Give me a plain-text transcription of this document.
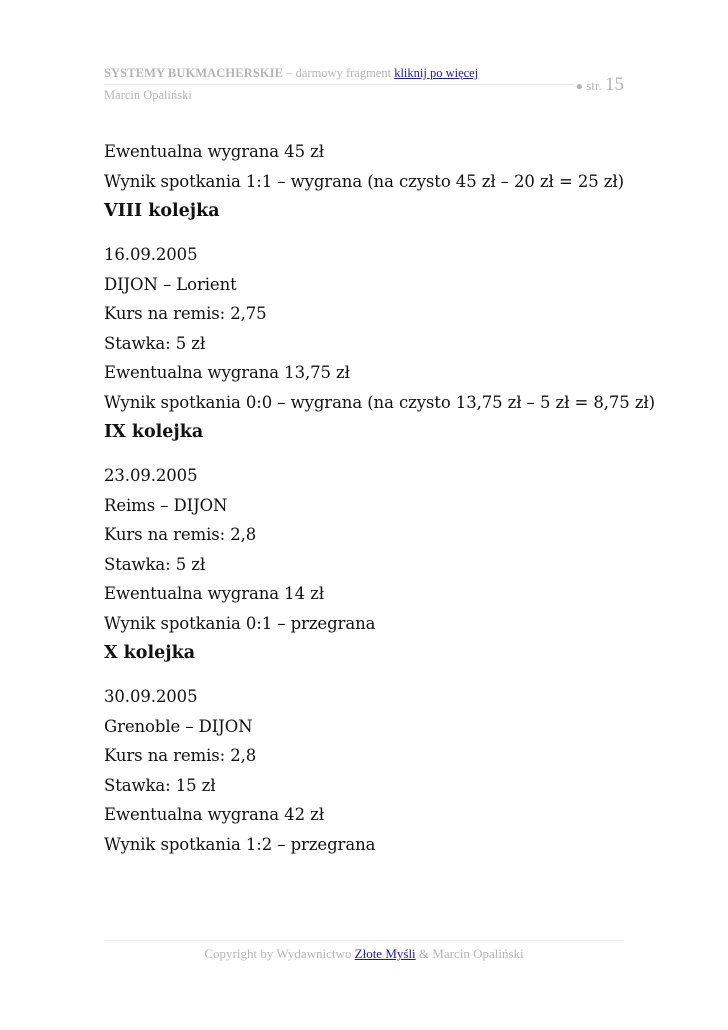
SYSTEMY BUKMACHERSKIE – darmowy fragment kliknij po więcej
Marcin Opaliński
● str. 15
Ewentualna wygrana 45 zł
Wynik spotkania 1:1 – wygrana (na czysto 45 zł – 20 zł = 25 zł)
VIII kolejka
16.09.2005
DIJON – Lorient
Kurs na remis: 2,75
Stawka: 5 zł
Ewentualna wygrana 13,75 zł
Wynik spotkania 0:0 – wygrana (na czysto 13,75 zł – 5 zł = 8,75 zł)
IX kolejka
23.09.2005
Reims – DIJON
Kurs na remis: 2,8
Stawka: 5 zł
Ewentualna wygrana 14 zł
Wynik spotkania 0:1 – przegrana
X kolejka
30.09.2005
Grenoble – DIJON
Kurs na remis: 2,8
Stawka: 15 zł
Ewentualna wygrana 42 zł
Wynik spotkania 1:2 – przegrana
Copyright by Wydawnictwo Złote Myśli & Marcin Opaliński
